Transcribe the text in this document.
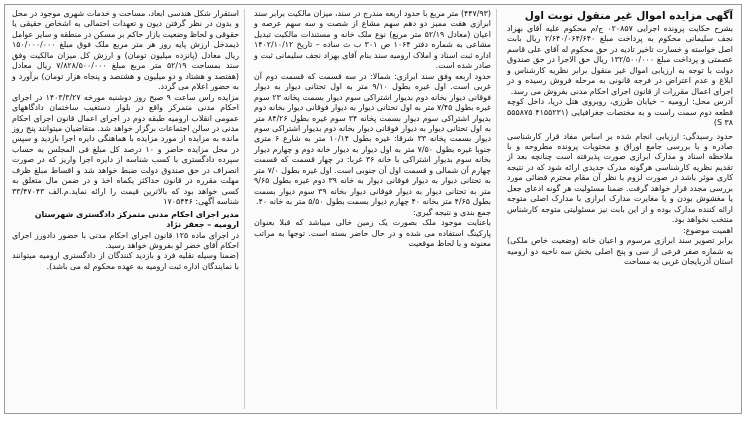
آگهی مزایده اموال غیر منقول نوبت اول

بشرح حکایت پرونده اجرایی ۰۲۰۸۵۷ ج/م محکوم علیه آقای بهزاد نجف سلیمانی محکوم به پرداخت مبلغ ۲/۶۴۰/۰۶۴/۶۴۰ ریال بابت اصل خواسته و خسارت تاخیر تادیه در حق محکوم له آقای علی قاسم عصمتی و پرداخت مبلغ ۱۳۲/۵۰۰/۰۰۰ ریال حق الاجرا در حق صندوق دولت با توجه به ارزیابی اموال غیر منقول برابر نظریه کارشناس و ابلاغ و عدم اعتراض در فرجه قانونی به مرحله فروش رسیده و در اجرای اعمال مقررات از قانون اجرای احکام مدنی بفروش می رسد.

آدرس محل: ارومیه – خیابان طرزی، روبروی هتل دریا، داخل کوچه قطعه دوم سمت راست و به مختصات جغرافیایی (۴۱۵۵۲۳۱ ۵۵۵۸۷۵ ۳۸ S)

حدود رسیدگی: ارزیابی انجام شده بر اساس مفاد قرار کارشناسی صادره و با بررسی جامع اوراق و محتویات پرونده مطروحه و با ملاحظه اسناد و مدارک ابرازی صورت پذیرفته است چنانچه بعد از تقدیم نظریه کارشناسی هرگونه مدرک جدیدی ارائه شود که در نتیجه کاری موثر باشد در صورت لزوم با نظر آن مقام محترم قضائی مورد بررسی مجدد قرار خواهد گرفت. ضمنا مسئولیت هر گونه ادعای جعل یا مغشوش بودن و یا مغایرت مدارک ابرازی با مدارک اصلی متوجه ارائه کننده مدارک بوده و از این بابت نیز مسئولیتی متوجه کارشناس منتخب نخواهد بود.

اهمیت موضوع:

برابر تصویر سند ابرازی مرسوم و اعیان خانه (وضعیت خاص ملکی) به شماره صفر فرعی از سی و پنج اصلی بخش سه ناحیه دو ارومیه استان آذربایجان غربی به مساحت

(۴۴۷/۹۳) متر مربع با حدود اربعه مندرج در سند، میزان مالکیت برابر سند ابرازی هفت ممیز دو دهم سهم مشاع از شصت و سه سهم عرصه و اعیان (معادل ۵۲/۱۹ متر مربع) نوع ملک خانه و مستندات مالکیت تبدیل مشاعی به شماره دفتر ۱۰۶۴ ص ۳۰۱ ب ث ساده – تاریخ ۱۴۰۲/۱۰/۱۲ اداره ثبت اسناد و املاک ارومیه سند بنام آقای بهزاد نجف سلیمانی ثبت و صادر شده است.

حدود اربعه وفق سند ابرازی: شمالا: در سه قسمت که قسمت دوم آن غربی است. اول غیره بطول ۹/۱۰ متر به اول تحتانی دیوار به دیوار فوقانی دیوار بخانه دوم بدیوار اشتراکی سوم دیوار بسمت پخانه ۲۳ سوم غیره بطول ۷/۴۵ متر به اول تحتانی دیوار به دیوار فوقانی دیوار بخانه دوم بدیوار اشتراکی سوم دیوار بسمت پخانه ۳۴ سوم غیره بطول ۸۴/۲۶ متر به اول تحتانی دیوار به دیوار فوقانی دیوار بخانه دوم بدیوار اشتراکی سوم دیوار بسمت پخانه ۳۳ شرقا: غیره بطول ۱۰/۱۴ متر به شارع ۶ متری جنوبا غیره بطول ۷/۵۰ متر به اول دیوار به دیوار خانه دوم و چهارم دیوار بخانه سوم بدیوار اشتراکی با خانه ۳۶ غربا: در چهار قسمت که قسمت چهارم آن شمالی و قسمت اول آن جنوبی است. اول غیره بطول ۷/۰ متر به تحتانی دیوار به دیوار فوقانی دیوار به خانه ۳۹ دوم غیره بطول ۹/۶۵ متر به تحتانی دیوار به دیوار فوقانی دیوار بخانه ۳۹ سوم دیوار بسمت بطول ۴/۶۵ متر بخانه ۴۰ چهارم دیوار بسمت بطول ۵/۵۰ متر به خانه ۴۰.

جمع بندی و نتیجه گیری:

باعنایت موجود ملک بصورت یک زمین خالی میباشد که قبلا بعنوان پارکینگ استفاده می شده و در حال حاضر بسته است. توجها به مراتب معنونه و با لحاظ موقعیت

استقرار شکل هندسی ابعاد، مساحت و خدمات شهری موجود در محل و بدون در نظر گرفتن دیون و تعهدات احتمالی به اشخاص حقیقی یا حقوقی و لحاظ وضعیت بازار حاکم بر مسکن در منطقه و سایر عوامل ذیمدخل ارزش پایه روز هر متر مربع ملک فوق مبلغ ۱۵۰/۰۰۰/۰۰۰ ریال معادل (پانزده میلیون تومان) و ارزش کل میزان مالکیت وفق سند بمساحت ۵۲/۱۹ متر مربع مبلغ ۷/۸۲۸/۵۰۰/۰۰۰ ریال معادل (هفتصد و هشتاد و دو میلیون و هشتصد و پنجاه هزار تومان) برآورد و به حضور اعلام می گردد.

مزایده راس ساعت ۹ صبح روز دوشنبه مورخه ۱۴۰۳/۳/۲۷ در اجرای احکام مدنی متمرکز واقع در بلوار دستغیب ساختمان دادگاههای عمومی انقلاب ارومیه طبقه دوم در اجرای اعمال قانون اجرای احکام مدنی در سالن اجتماعات برگزار خواهد شد. متقاضیان میتوانند پنج روز مانده به مزایده از مورد مزایده با هماهنگی دایره اجرا بازدید و سپس در محل مزایده حاضر و ۱۰ درصد کل مبلغ فی المجلس به حساب سپرده دادگستری با کسب شناسه از دایره اجرا واریز که در صورت انصراف در حق صندوق دولت ضبط خواهد شد و اقساط مبلغ ظرف مهلت مقرره در قانون حداکثر یکماه اخذ و در ضمن مال متعلق به کسی خواهد بود که بالاترین قیمت را ارائه نماید.م.الف ۳۳/۴۷۰۴۳ شناسه آگهی: ۱۷۰۵۴۴۶

مدیر اجرای احکام مدنی متمرکز دادگستری شهرستان ارومیه – جعفر نژاد

در اجرای ماده ۱۲۵ قانون اجرای احکام مدنی با حضور دادورز اجرای احکام آقای خضر لو بفروش خواهد رسید.

(ضمنا وسیله نقلیه فرد و بازدید کنندگان از دادگستری ارومیه میتوانند با نمایندگان اداره ثبت ارومیه به عهده محکوم له می باشد).
